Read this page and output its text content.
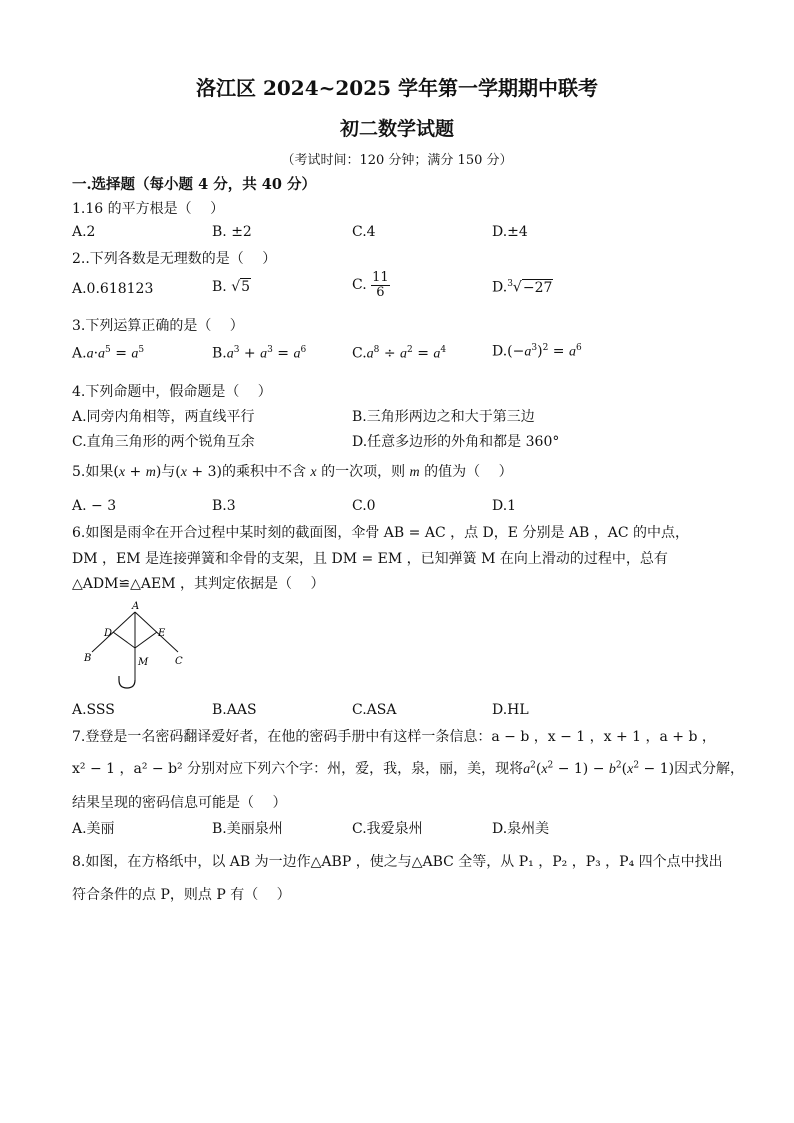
洛江区 2024~2025 学年第一学期期中联考
初二数学试题
（考试时间：120 分钟；满分 150 分）
一.选择题（每小题 4 分，共 40 分）
1.16 的平方根是（　 ）
A.2	B. ±2	C.4	D.±4
2..下列各数是无理数的是（　 ）
A.0.618123	B. √5	C. $\frac{11}{6}$	D.$^3$√−27
3.下列运算正确的是（　 ）
$A.a\cdot a^5 = a^5$	$B.a^3 + a^3 = a^6$	$C.a^8 \div a^2 = a^4$	$D.(-a^3)^2 = a^6$
4.下列命题中，假命题是（　 ）
A.同旁内角相等，两直线平行	B.三角形两边之和大于第三边
C.直角三角形的两个锐角互余	D.任意多边形的外角和都是 360°
5.如果(x + m)与(x + 3)的乘积中不含 x 的一次项，则 m 的值为（　 ）
A. − 3	B.3	C.0	D.1
6.如图是雨伞在开合过程中某时刻的截面图，伞骨 AB = AC ，点 D，E 分别是 AB ，AC 的中点，
DM ，EM 是连接弹簧和伞骨的支架，且 DM = EM ，已知弹簧 M 在向上滑动的过程中，总有
△ADM≌△AEM ，其判定依据是（　 ）
A
B	C
D	E
M
A.SSS	B.AAS	C.ASA	D.HL
7.登登是一名密码翻译爱好者，在他的密码手册中有这样一条信息：a − b ，x − 1 ，x + 1 ，a + b ，
x² − 1 ，a² − b² 分别对应下列六个字：州，爱，我，泉，丽，美，现将$a^2(x^2 - 1) - b^2(x^2 - 1)$因式分解，
结果呈现的密码信息可能是（　 ）
A.美丽	B.美丽泉州	C.我爱泉州	D.泉州美
8.如图，在方格纸中，以 AB 为一边作△ABP ，使之与△ABC 全等，从 P₁ ，P₂ ，P₃ ，P₄ 四个点中找出
符合条件的点 P，则点 P 有（　 ）
